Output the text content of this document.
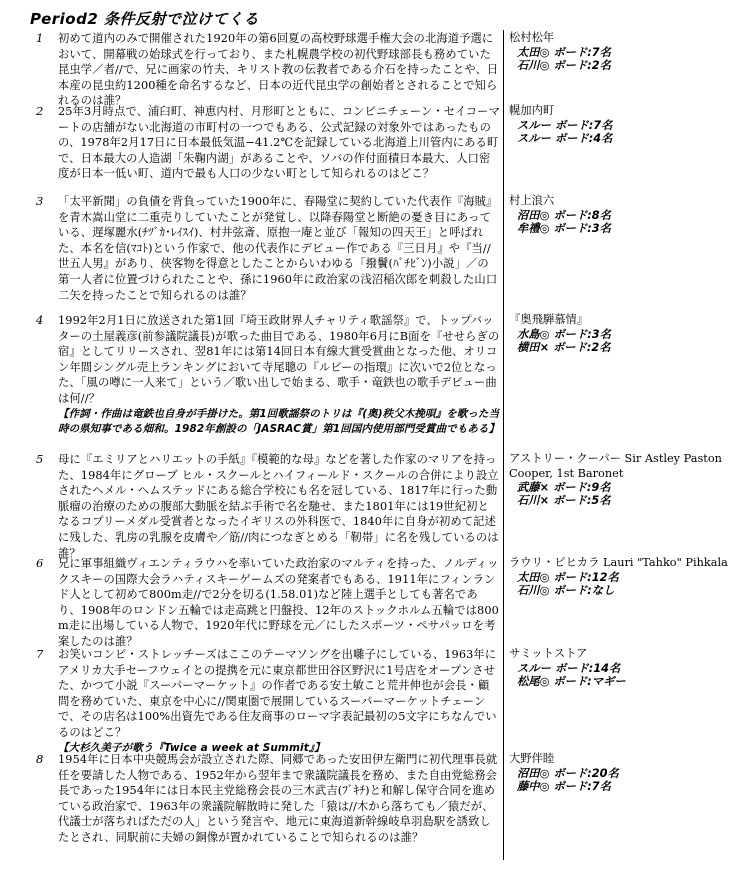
Period2 条件反射で泣けてくる
1	初めて道内のみで開催された1920年の第6回夏の高校野球選手権大会の北海道予選において、開幕戦の始球式を行っており、また札幌農学校の初代野球部長も務めていた昆虫学／者//で、兄に画家の竹夫、キリスト教の伝教者である介石を持ったことや、日本産の昆虫約1200種を命名するなど、日本の近代昆虫学の創始者とされることで知られるのは誰？
松村松年
太田◎ ボード:7名
石川◎ ボード:2名
2	25年3月時点で、浦臼町、神恵内村、月形町とともに、コンビニチェーン・セイコーマートの店舗がない北海道の市町村の一つでもある、公式記録の対象外ではあったものの、1978年2月17日に日本最低気温−41.2℃を記録している北海道上川管内にある町で、日本最大の人造湖「朱鞠内湖」があることや、ソバの作付面積日本最大、人口密度が日本一低い町、道内で最も人口の少ない町として知られるのはどこ？
幌加内町
スルー ボード:7名
スルー ボード:4名
3	「太平新聞」の負債を背負っていた1900年に、春陽堂に契約していた代表作『海賊』を青木嵩山堂に二重売りしていたことが発覚し、以降春陽堂と断絶の憂き目にあっている、遅塚麗水(ﾁﾂﾞｶ･ﾚｲｽｲ)、村井弦斎、原抱一庵と並び「報知の四天王」と呼ばれた、本名を信(ﾏｺﾄ)という作家で、他の代表作にデビュー作である『三日月』や『当//世五人男』があり、侠客物を得意としたことからいわゆる「撥鬢(ﾊﾞﾁﾋﾞﾝ)小説」／の第一人者に位置づけられたことや、孫に1960年に政治家の浅沼稲次郎を刺殺した山口二矢を持ったことで知られるのは誰？
村上浪六
沼田◎ ボード:8名
牟禮◎ ボード:3名
4	1992年2月1日に放送された第1回『埼玉政財界人チャリティ歌謡祭』で、トップバッターの土屋義彦(前参議院議長)が歌った曲目である、1980年6月にB面を『せせらぎの宿』としてリリースされ、翌81年には第14回日本有線大賞受賞曲となった他、オリコン年間シングル売上ランキングにおいて寺尾聰の『ルビーの指環』に次いで2位となった、「風の噂に一人来て」という／歌い出しで始まる、歌手・竜鉄也の歌手デビュー曲は何//？
【作詞・作曲は竜鉄也自身が手掛けた。第1回歌謡祭のトリは『(奥)秩父木挽唄』を歌った当時の県知事である畑和。1982年創設の「JASRAC賞」第1回国内使用部門受賞曲でもある】
『奥飛騨慕情』
水島◎ ボード:3名
横田× ボード:2名
5	母に『エミリアとハリエットの手紙』『模範的な母』などを著した作家のマリアを持った、1984年にグローブ ヒル・スクールとハイフィールド・スクールの合併により設立されたヘメル・ヘムステッドにある総合学校にも名を冠している、1817年に行った動脈瘤の治療のための腹部大動脈を結ぶ手術で名を馳せ、また1801年には19世紀初となるコプリーメダル受賞者となったイギリスの外科医で、1840年に自身が初めて記述に残した、乳房の乳腺を皮膚や／筋//肉につなぎとめる「靭帯」に名を残しているのは誰？
アストリー・クーパー Sir Astley Paston Cooper, 1st Baronet
武藤× ボード:9名
石川× ボード:5名
6	兄に軍事組織ヴィエンティラウハを率いていた政治家のマルティを持った、ノルディックスキーの国際大会ラハティスキーゲームズの発案者でもある、1911年にフィンランド人として初めて800m走//で2分を切る(1.58.01)など陸上選手としても著名であり、1908年のロンドン五輪では走高跳と円盤投、12年のストックホルム五輪では800m走に出場している人物で、1920年代に野球を元／にしたスポーツ・ペサパッロを考案したのは誰？
ラウリ・ピヒカラ Lauri "Tahko" Pihkala
太田◎ ボード:12名
石川◎ ボード:なし
7	お笑いコンビ・ストレッチーズはここのテーマソングを出囃子にしている、1963年にアメリカ大手セーフウェイとの提携を元に東京都世田谷区野沢に1号店をオープンさせた、かつて小説『スーパーマーケット』の作者である安土敏こと荒井伸也が会長・顧問を務めていた、東京を中心に//関東圏で展開しているスーパーマーケットチェーンで、その店名は100%出資先である住友商事のローマ字表記最初の5文字にちなんでいるのはどこ？
【大杉久美子が歌う『Twice a week at Summit』】
サミットストア
スルー ボード:14名
松尾◎ ボード:マギー
8	1954年に日本中央競馬会が設立された際、同郷であった安田伊左衛門に初代理事長就任を要請した人物である、1952年から翌年まで衆議院議長を務め、また自由党総務会長であった1954年には日本民主党総務会長の三木武吉(ﾌﾞｷﾁ)と和解し保守合同を進めている政治家で、1963年の衆議院解散時に発した「猿は//木から落ちても／猿だが、代議士が落ちればただの人」という発言や、地元に東海道新幹線岐阜羽島駅を誘致したとされ、同駅前に夫婦の銅像が置かれていることで知られるのは誰？
大野伴睦
沼田◎ ボード:20名
藤中◎ ボード:7名
